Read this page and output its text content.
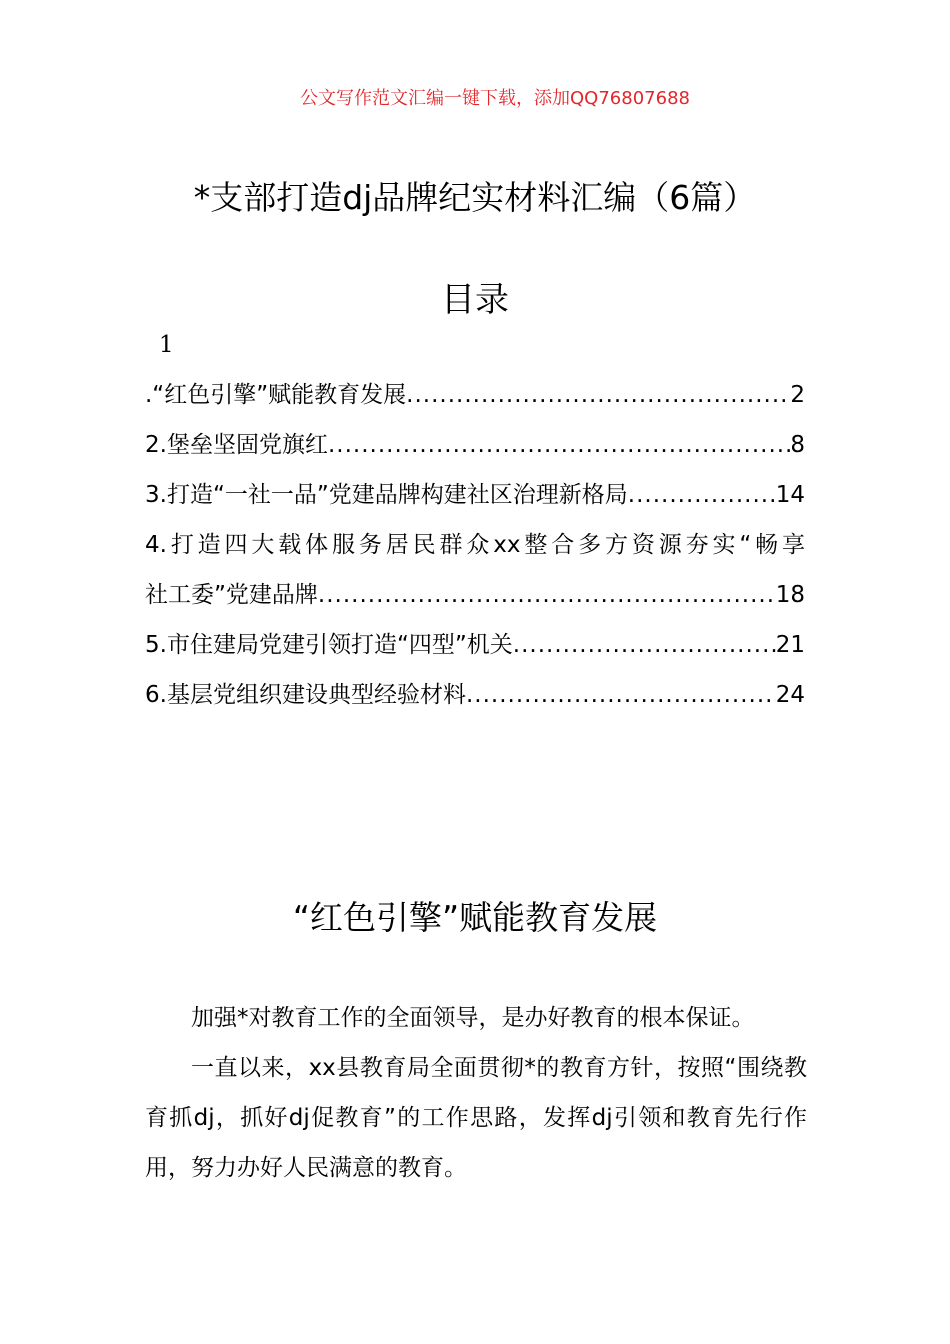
公文写作范文汇编一键下载，添加QQ76807688
*支部打造dj品牌纪实材料汇编（6篇）
目录
1
.“红色引擎”赋能教育发展 .....	2
2.堡垒坚固党旗红 .....	8
3.打造“一社一品”党建品牌构建社区治理新格局 .....	14
4.打造四大载体服务居民群众xx整合多方资源夯实“畅享
社工委”党建品牌 .....	18
5.市住建局党建引领打造“四型”机关 .....	21
6.基层党组织建设典型经验材料 .....	24
“红色引擎”赋能教育发展

加强*对教育工作的全面领导，是办好教育的根本保证。

一直以来，xx县教育局全面贯彻*的教育方针，按照“围绕教育抓dj，抓好dj促教育”的工作思路，发挥dj引领和教育先行作用，努力办好人民满意的教育。
